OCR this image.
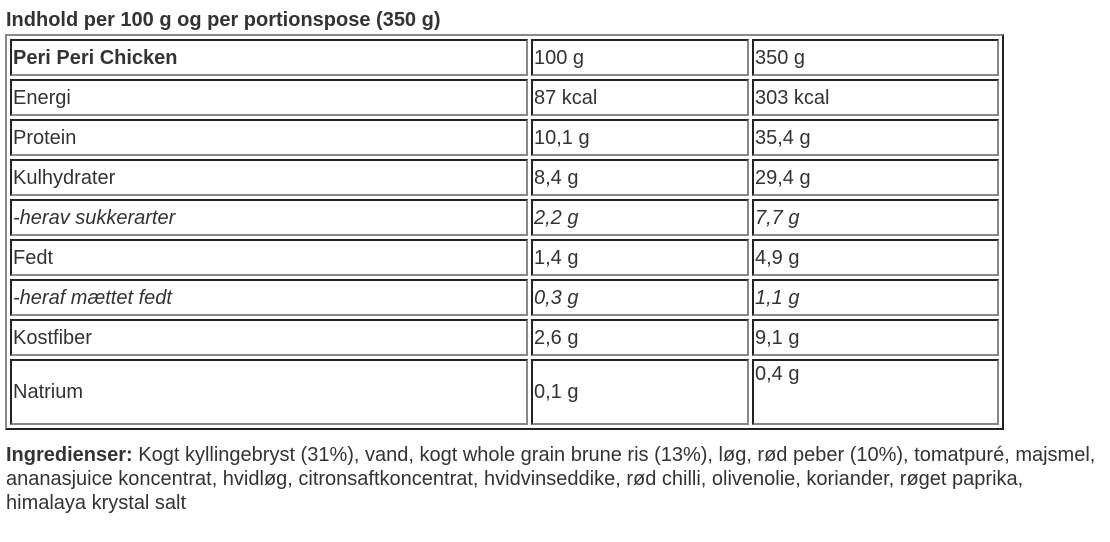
Indhold per 100 g og per portionspose (350 g)
Peri Peri Chicken	100 g	350 g
Energi	87 kcal	303 kcal
Protein	10,1 g	35,4 g
Kulhydrater	8,4 g	29,4 g
-herav sukkerarter	2,2 g	7,7 g
Fedt	1,4 g	4,9 g
-heraf mættet fedt	0,3 g	1,1 g
Kostfiber	2,6 g	9,1 g
Natrium	0,1 g	0,4 g
Ingredienser: Kogt kyllingebryst (31%), vand, kogt whole grain brune ris (13%), løg, rød peber (10%), tomatpuré, majsmel, ananasjuice koncentrat, hvidløg, citronsaftkoncentrat, hvidvinseddike, rød chilli, olivenolie, koriander, røget paprika, himalaya krystal salt
